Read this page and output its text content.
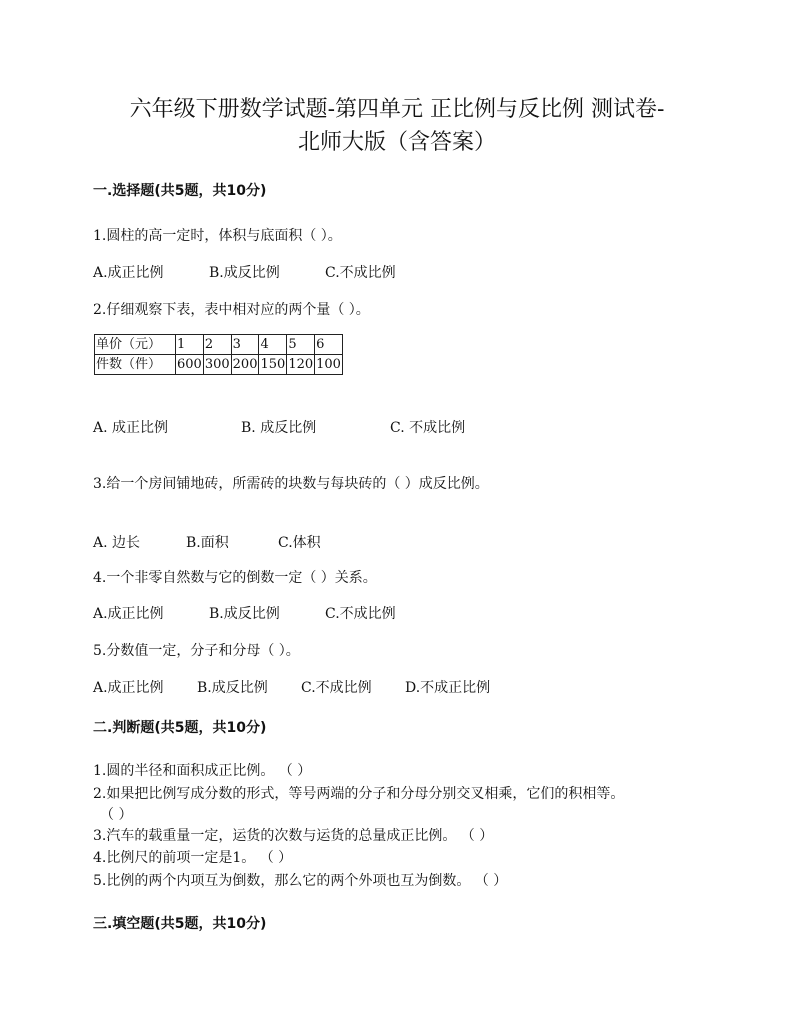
六年级下册数学试题-第四单元 正比例与反比例 测试卷-
北师大版（含答案）
一.选择题(共5题，共10分)
1.圆柱的高一定时，体积与底面积（ ）。
A.成正比例	B.成反比例	C.不成比例
2.仔细观察下表，表中相对应的两个量（ ）。
单价（元）	1	2	3	4	5	6
件数（件）	600	300	200	150	120	100
A. 成正比例	B. 成反比例	C. 不成比例
3.给一个房间铺地砖，所需砖的块数与每块砖的（ ）成反比例。
A. 边长	B.面积	C.体积
4.一个非零自然数与它的倒数一定（ ）关系。
A.成正比例	B.成反比例	C.不成比例
5.分数值一定，分子和分母（ ）。
A.成正比例 B.成反比例 C.不成比例 D.不成正比例
二.判断题(共5题，共10分)
1.圆的半径和面积成正比例。 （ ）
2.如果把比例写成分数的形式，等号两端的分子和分母分别交叉相乘，它们的积相等。
（ ）
3.汽车的载重量一定，运货的次数与运货的总量成正比例。 （ ）
4.比例尺的前项一定是1。 （ ）
5.比例的两个内项互为倒数，那么它的两个外项也互为倒数。 （ ）
三.填空题(共5题，共10分)
